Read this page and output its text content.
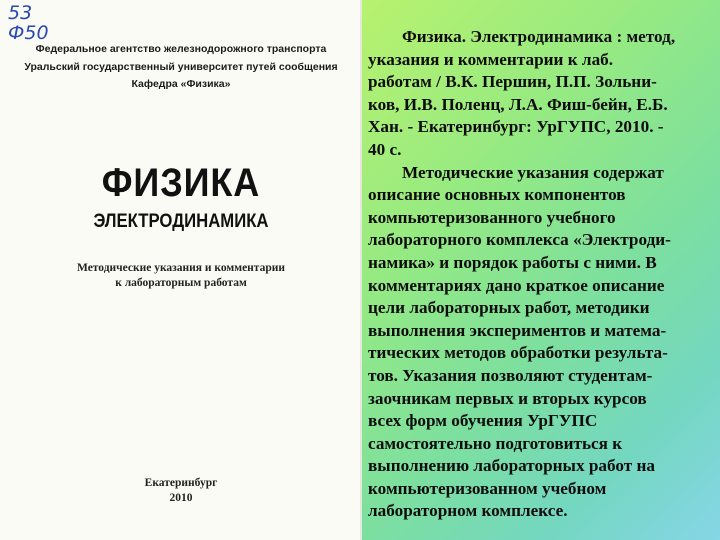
53
Ф50
Федеральное агентство железнодорожного транспорта
Уральский государственный университет путей сообщения
Кафедра «Физика»
ФИЗИКА
ЭЛЕКТРОДИНАМИКА
Методические указания и комментарии
к лабораторным работам
Екатеринбург
2010
Физика. Электродинамика : метод,
указания и комментарии к лаб.
работам / В.К. Першин, П.П. Зольни-
ков, И.В. Поленц, Л.А. Фиш-бейн, Е.Б.
Хан. - Екатеринбург: УрГУПС, 2010. -
40 с.
Методические указания содержат
описание основных компонентов
компьютеризованного учебного
лабораторного комплекса «Электроди-
намика» и порядок работы с ними. В
комментариях дано краткое описание
цели лабораторных работ, методики
выполнения экспериментов и матема-
тических методов обработки результа-
тов. Указания позволяют студентам-
заочникам первых и вторых курсов
всех форм обучения УрГУПС
самостоятельно подготовиться к
выполнению лабораторных работ на
компьютеризованном учебном
лабораторном комплексе.
